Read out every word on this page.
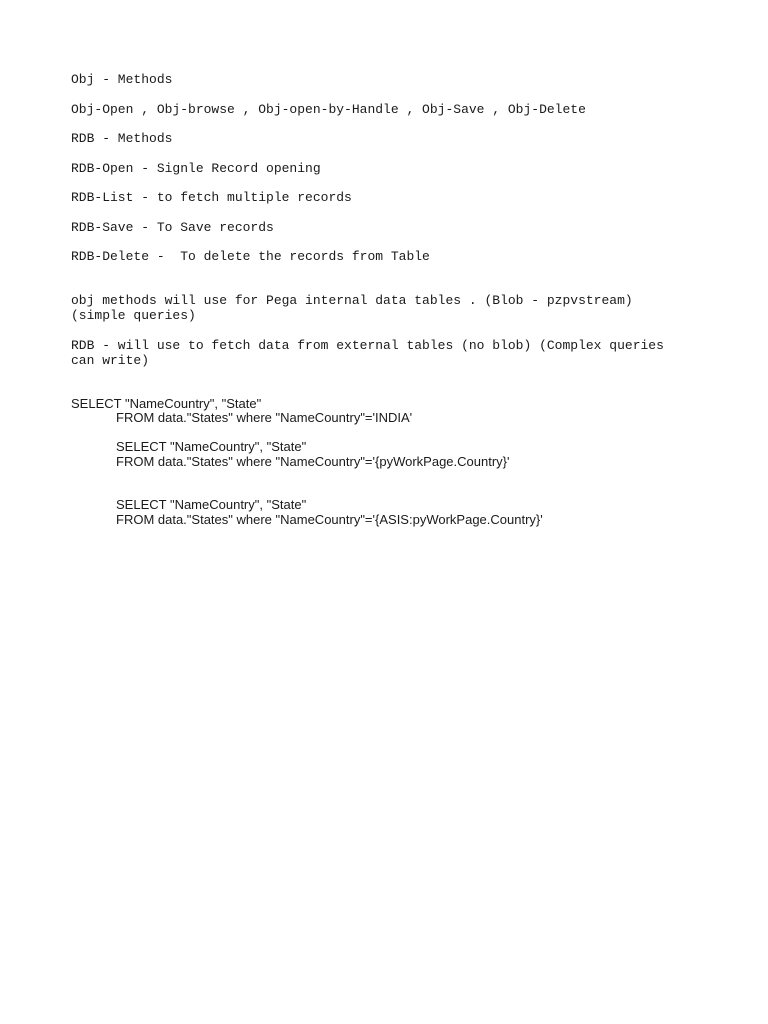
Obj - Methods

Obj-Open , Obj-browse , Obj-open-by-Handle , Obj-Save , Obj-Delete

RDB - Methods

RDB-Open - Signle Record opening

RDB-List - to fetch multiple records

RDB-Save - To Save records

RDB-Delete -  To delete the records from Table

obj methods will use for Pega internal data tables . (Blob - pzpvstream) (simple queries)

RDB - will use to fetch data from external tables (no blob) (Complex queries can write)

SELECT "NameCountry", "State"
FROM data."States" where "NameCountry"='INDIA'
SELECT "NameCountry", "State"
FROM data."States" where "NameCountry"='{pyWorkPage.Country}'
SELECT "NameCountry", "State"
FROM data."States" where "NameCountry"='{ASIS:pyWorkPage.Country}'
